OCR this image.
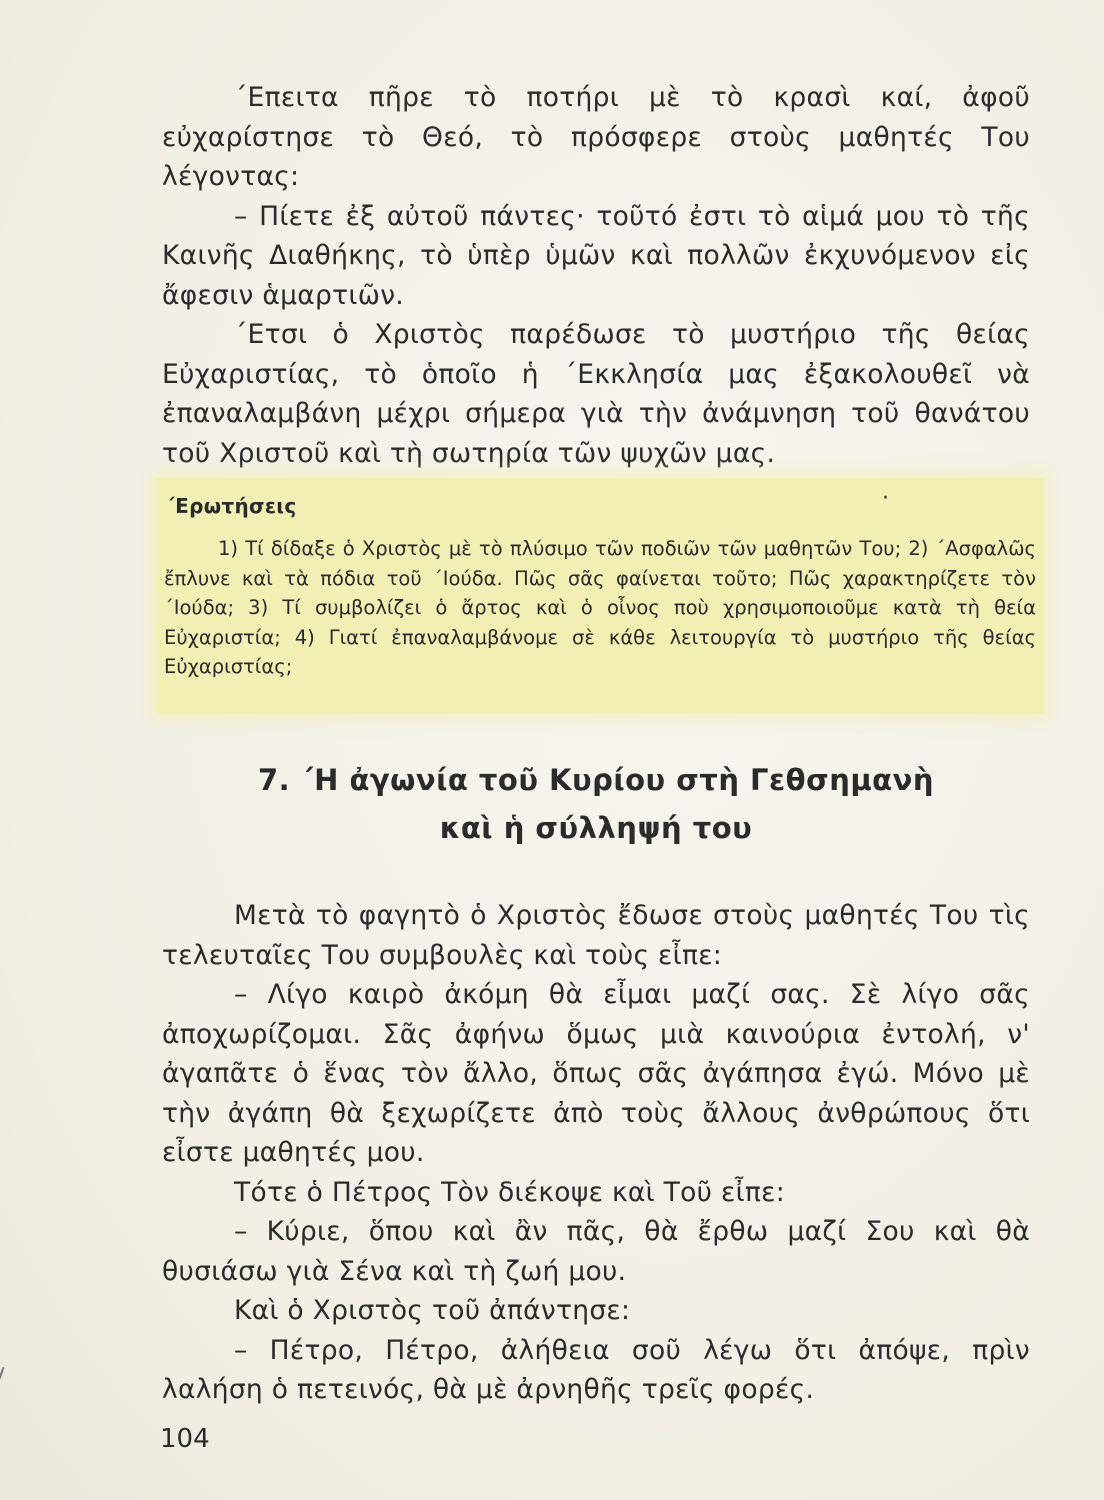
΄Επειτα πῆρε τὸ ποτήρι μὲ τὸ κρασὶ καί, ἀφοῦ εὐχαρίστησε τὸ Θεό, τὸ πρόσφερε στοὺς μαθητές Του λέγοντας:

– Πίετε ἐξ αὐτοῦ πάντες· τοῦτό ἐστι τὸ αἱμά μου τὸ τῆς Καινῆς Διαθήκης, τὸ ὑπὲρ ὑμῶν καὶ πολλῶν ἐκχυνόμενον εἰς ἄφεσιν ἁμαρτιῶν.

΄Ετσι ὁ Χριστὸς παρέδωσε τὸ μυστήριο τῆς θείας Εὐχαριστίας, τὸ ὁποῖο ἡ ΄Εκκλησία μας ἐξακολουθεῖ νὰ ἐπαναλαμβάνη μέχρι σήμερα γιὰ τὴν ἀνάμνηση τοῦ θανάτου τοῦ Χριστοῦ καὶ τὴ σωτηρία τῶν ψυχῶν μας.

΄Ερωτήσεις	·
1) Τί δίδαξε ὁ Χριστὸς μὲ τὸ πλύσιμο τῶν ποδιῶν τῶν μαθητῶν Του; 2) ΄Ασφαλῶς ἔπλυνε καὶ τὰ πόδια τοῦ ΄Ιούδα. Πῶς σᾶς φαίνεται τοῦτο; Πῶς χαρακτηρίζετε τὸν ΄Ιούδα; 3) Τί συμβολίζει ὁ ἄρτος καὶ ὁ οἶνος ποὺ χρησιμοποιοῦμε κατὰ τὴ θεία Εὐχαριστία; 4) Γιατί ἐπαναλαμβάνομε σὲ κάθε λειτουργία τὸ μυστήριο τῆς θείας Εὐχαριστίας;
7. ΄Η ἀγωνία τοῦ Κυρίου στὴ Γεθσημανὴ
καὶ ἡ σύλληψή του

Μετὰ τὸ φαγητὸ ὁ Χριστὸς ἔδωσε στοὺς μαθητές Του τὶς τελευταῖες Του συμβουλὲς καὶ τοὺς εἶπε:

– Λίγο καιρὸ ἀκόμη θὰ εἶμαι μαζί σας. Σὲ λίγο σᾶς ἀποχωρίζομαι. Σᾶς ἀφήνω ὅμως μιὰ καινούρια ἐντολή, ν' ἀγαπᾶτε ὁ ἕνας τὸν ἄλλο, ὅπως σᾶς ἀγάπησα ἐγώ. Μόνο μὲ τὴν ἀγάπη θὰ ξεχωρίζετε ἀπὸ τοὺς ἄλλους ἀνθρώπους ὅτι εἶστε μαθητές μου.

Τότε ὁ Πέτρος Τὸν διέκοψε καὶ Τοῦ εἶπε:

– Κύριε, ὅπου καὶ ἂν πᾶς, θὰ ἔρθω μαζί Σου καὶ θὰ θυσιάσω γιὰ Σένα καὶ τὴ ζωή μου.

Καὶ ὁ Χριστὸς τοῦ ἀπάντησε:

– Πέτρο, Πέτρο, ἀλήθεια σοῦ λέγω ὅτι ἀπόψε, πρὶν λαλήση ὁ πετεινός, θὰ μὲ ἀρνηθῆς τρεῖς φορές.

104
